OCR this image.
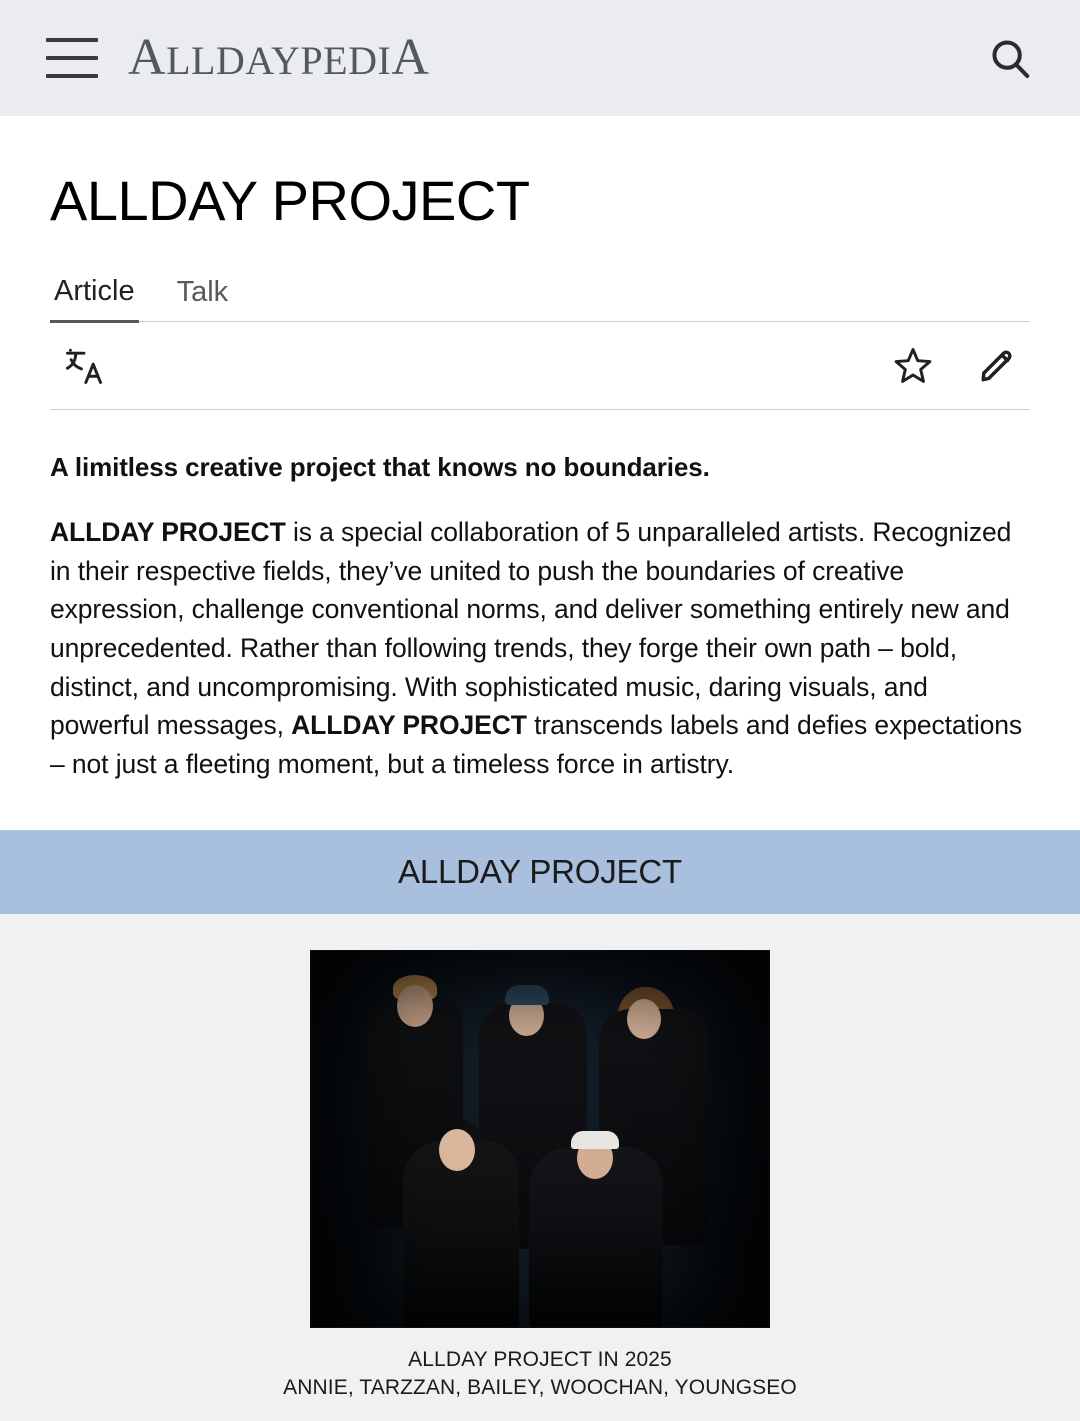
ALLDAYPEDIA
ALLDAY PROJECT
Article Talk

A limitless creative project that knows no boundaries.

ALLDAY PROJECT is a special collaboration of 5 unparalleled artists. Recognized in their respective fields, they’ve united to push the boundaries of creative expression, challenge conventional norms, and deliver something entirely new and unprecedented. Rather than following trends, they forge their own path – bold, distinct, and uncompromising. With sophisticated music, daring visuals, and powerful messages, ALLDAY PROJECT transcends labels and defies expectations – not just a fleeting moment, but a timeless force in artistry.

ALLDAY PROJECT
ALLDAY PROJECT IN 2025
ANNIE, TARZZAN, BAILEY, WOOCHAN, YOUNGSEO
